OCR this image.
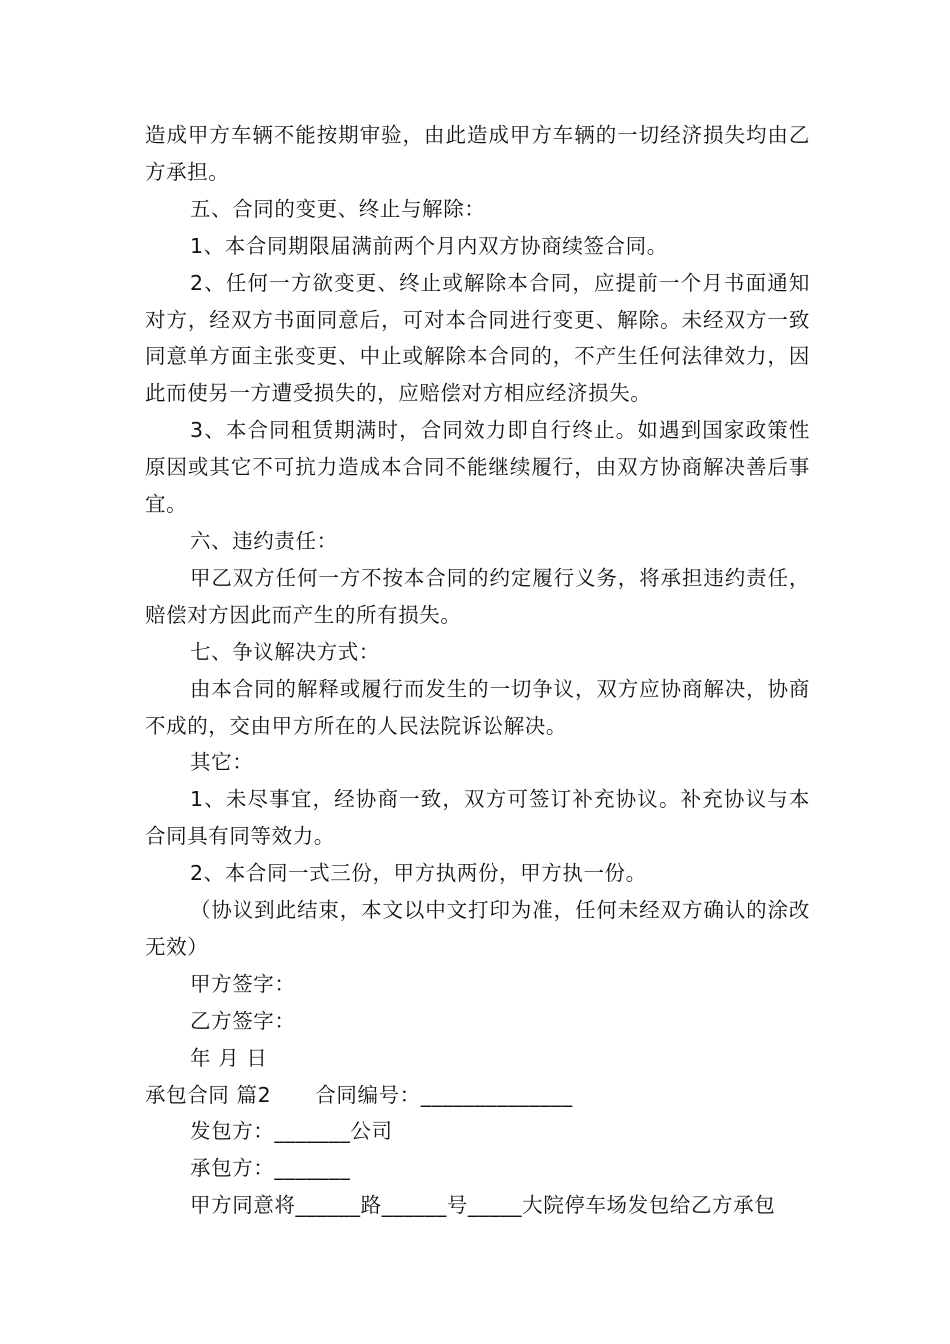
造成甲方车辆不能按期审验，由此造成甲方车辆的一切经济损失均由乙方承担。

五、合同的变更、终止与解除：

1、本合同期限届满前两个月内双方协商续签合同。

2、任何一方欲变更、终止或解除本合同，应提前一个月书面通知对方，经双方书面同意后，可对本合同进行变更、解除。未经双方一致同意单方面主张变更、中止或解除本合同的，不产生任何法律效力，因此而使另一方遭受损失的，应赔偿对方相应经济损失。

3、本合同租赁期满时，合同效力即自行终止。如遇到国家政策性原因或其它不可抗力造成本合同不能继续履行，由双方协商解决善后事宜。

六、违约责任：

甲乙双方任何一方不按本合同的约定履行义务，将承担违约责任，赔偿对方因此而产生的所有损失。

七、争议解决方式：

由本合同的解释或履行而发生的一切争议，双方应协商解决，协商不成的，交由甲方所在的人民法院诉讼解决。

其它：

1、未尽事宜，经协商一致，双方可签订补充协议。补充协议与本合同具有同等效力。

2、本合同一式三份，甲方执两份，甲方执一份。

（协议到此结束，本文以中文打印为准，任何未经双方确认的涂改无效）

甲方签字：

乙方签字：

年 月 日

承包合同 篇2 合同编号：______________

发包方：_______公司

承包方：_______

甲方同意将______路______号_____大院停车场发包给乙方承包
